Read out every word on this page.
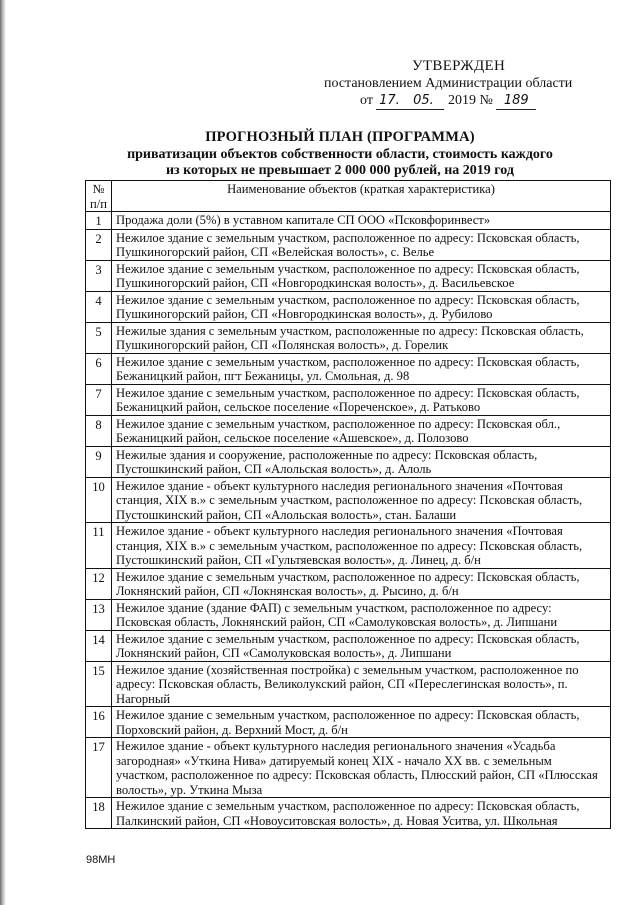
УТВЕРЖДЕН
постановлением Администрации области
от 17. 05. 2019 № 189
ПРОГНОЗНЫЙ ПЛАН (ПРОГРАММА)
приватизации объектов собственности области, стоимость каждого
из которых не превышает 2 000 000 рублей, на 2019 год
№ п/п	Наименование объектов (краткая характеристика)
1	Продажа доли (5%) в уставном капитале СП ООО «Псковфоринвест»
2	Нежилое здание с земельным участком, расположенное по адресу: Псковская область, Пушкиногорский район, СП «Велейская волость», с. Велье
3	Нежилое здание с земельным участком, расположенное по адресу: Псковская область, Пушкиногорский район, СП «Новгородкинская волость», д. Васильевское
4	Нежилое здание с земельным участком, расположенное по адресу: Псковская область, Пушкиногорский район, СП «Новгородкинская волость», д. Рубилово
5	Нежилые здания с земельным участком, расположенные по адресу: Псковская область, Пушкиногорский район, СП «Полянская волость», д. Горелик
6	Нежилое здание с земельным участком, расположенное по адресу: Псковская область, Бежаницкий район, пгт Бежаницы, ул. Смольная, д. 98
7	Нежилое здание с земельным участком, расположенное по адресу: Псковская область, Бежаницкий район, сельское поселение «Пореченское», д. Ратьково
8	Нежилое здание с земельным участком, расположенное по адресу: Псковская обл., Бежаницкий район, сельское поселение «Ашевское», д. Полозово
9	Нежилые здания и сооружение, расположенные по адресу: Псковская область, Пустошкинский район, СП «Алольская волость», д. Алоль
10	Нежилое здание - объект культурного наследия регионального значения «Почтовая станция, XIX в.» с земельным участком, расположенное по адресу: Псковская область, Пустошкинский район, СП «Алольская волость», стан. Балаши
11	Нежилое здание - объект культурного наследия регионального значения «Почтовая станция, XIX в.» с земельным участком, расположенное по адресу: Псковская область, Пустошкинский район, СП «Гультяевская волость», д. Линец, д. б/н
12	Нежилое здание с земельным участком, расположенное по адресу: Псковская область, Локнянский район, СП «Локнянская волость», д. Рысино, д. б/н
13	Нежилое здание (здание ФАП) с земельным участком, расположенное по адресу: Псковская область, Локнянский район, СП «Самолуковская волость», д. Липшани
14	Нежилое здание с земельным участком, расположенное по адресу: Псковская область, Локнянский район, СП «Самолуковская волость», д. Липшани
15	Нежилое здание (хозяйственная постройка) с земельным участком, расположенное по адресу: Псковская область, Великолукский район, СП «Переслегинская волость», п. Нагорный
16	Нежилое здание с земельным участком, расположенное по адресу: Псковская область, Порховский район, д. Верхний Мост, д. б/н
17	Нежилое здание - объект культурного наследия регионального значения «Усадьба загородная» «Уткина Нива» датируемый конец XIX - начало XX вв. с земельным участком, расположенное по адресу: Псковская область, Плюсский район, СП «Плюсская волость», ур. Уткина Мыза
18	Нежилое здание с земельным участком, расположенное по адресу: Псковская область, Палкинский район, СП «Новоуситовская волость», д. Новая Уситва, ул. Школьная
98МН
